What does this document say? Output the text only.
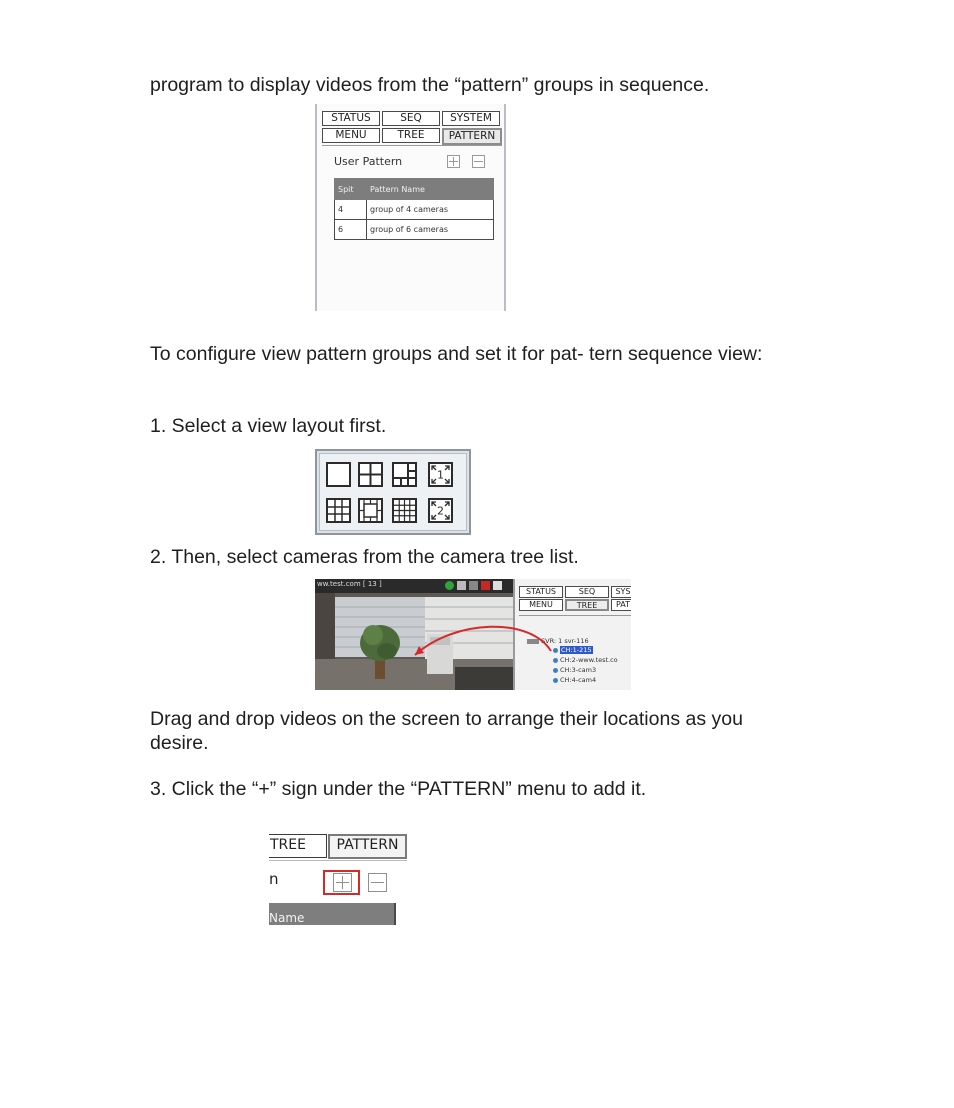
program to display videos from the “pattern” groups in sequence.

STATUS	SEQ	SYSTEM
MENU	TREE	PATTERN
User Pattern
Spit	Pattern Name
4	group of 4 cameras
6	group of 6 cameras

To configure view pattern groups and set it for pat- tern sequence view:

1. Select a view layout first.

1
2

2. Then, select cameras from the camera tree list.

ww.test.com [ 13 ]
STATUS	SEQ	SYS
MENU	TREE	PAT
SVR: 1 svr-116
CH:1-215
CH:2-www.test.co
CH:3-cam3
CH:4-cam4

Drag and drop videos on the screen to arrange their locations as you desire.

3. Click the “+” sign under the “PATTERN” menu to add it.

TREE	PATTERN
n
Name
